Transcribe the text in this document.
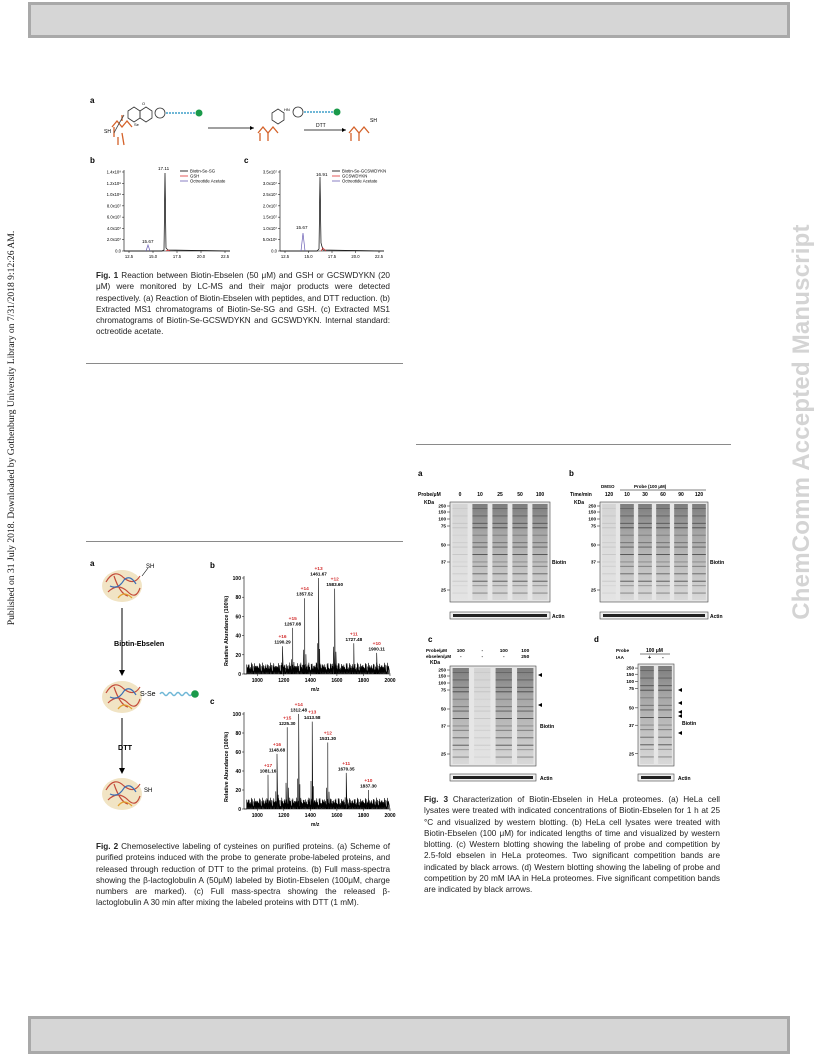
Published on 31 July 2018. Downloaded by Gothenburg University Library on 7/31/2018 9:12:26 AM.	ChemComm Accepted Manuscript
a
SH
O
Se
HN
DTT
SH
b
1.4x10⁸
1.2x10⁸
1.0x10⁸
8.0x10⁷
6.0x10⁷
4.0x10⁷
2.0x10⁷
0.0
12.5	15.0	17.5	20.0	22.5
17.11
15.67
Biotin-Se-SG
GSH
Octreotide Acetate
c
3.5x10⁷
3.0x10⁷
2.5x10⁷
2.0x10⁷
1.5x10⁷
1.0x10⁷
5.0x10⁶
0.0
12.5	15.0	17.5	20.0	22.5
16.91
15.67
Biotin-Se-GCSWDYKN
GCSWDYKN
Octreotide Acetate
Fig. 1 Reaction between Biotin-Ebselen (50 μM) and GSH or GCSWDYKN (20 μM) were monitored by LC-MS and their major products were detected respectively. (a) Reaction of Biotin-Ebselen with peptides, and DTT reduction. (b) Extracted MS1 chromatograms of Biotin-Se-SG and GSH. (c) Extracted MS1 chromatograms of Biotin-Se-GCSWDYKN and GCSWDYKN. Internal standard: octreotide acetate.
a	SH
Biotin-Ebselen
S-Se
DTT
SH
b
100
80
60
40
20
0
1000	1200	1400	1600	1800	2000
Relative Abundance (100%)
m/z
+16
1190.29
+15
1267.08
+14
1357.52
+13
1461.67
+12
1583.60
+11
1727.48
+10
1900.11
c
100
80
60
40
20
0
1000	1200	1400	1600	1800	2000
Relative Abundance (100%)
m/z
+17
1081.16
+16
1148.68
+15
1225.30
+14
1312.48
+13
1413.58
+12
1531.30
+11
1670.35
+10
1837.30
Fig. 2 Chemoselective labeling of cysteines on purified proteins. (a) Scheme of purified proteins induced with the probe to generate probe-labeled proteins, and released through reduction of DTT to the primal proteins. (b) Full mass-spectra showing the β-lactoglobulin A (50μM) labeled by Biotin-Ebselen (100μM, charge numbers are marked). (c) Full mass-spectra showing the released β-lactoglobulin A 30 min after mixing the labeled proteins with DTT (1 mM).
a
Probe/μM	0	10	25	50	100
KDa
250
150
100
75
50
37
25
Biotin
Actin
b
DMSO	Probe (100 μM)
Time/min	120 10 30 60 90 120
KDa
250
150
100
75
50
37
25
Biotin
Actin
c
Probe/μM 100	-	100	100
ebselen/μM -	-	-	250
KDa
250
150
100
75
50
37
25
Biotin
Actin
d
Probe	100 μM
IAA	+ -
250
150
100
75
50
37
25
Biotin
Actin
Fig. 3 Characterization of Biotin-Ebselen in HeLa proteomes. (a) HeLa cell lysates were treated with indicated concentrations of Biotin-Ebselen for 1 h at 25 °C and visualized by western blotting. (b) HeLa cell lysates were treated with Biotin-Ebselen (100 μM) for indicated lengths of time and visualized by western blotting. (c) Western blotting showing the labeling of probe and competition by 2.5-fold ebselen in HeLa proteomes. Two significant competition bands are indicated by black arrows. (d) Western blotting showing the labeling of probe and competition by 20 mM IAA in HeLa proteomes. Five significant competition bands are indicated by black arrows.
